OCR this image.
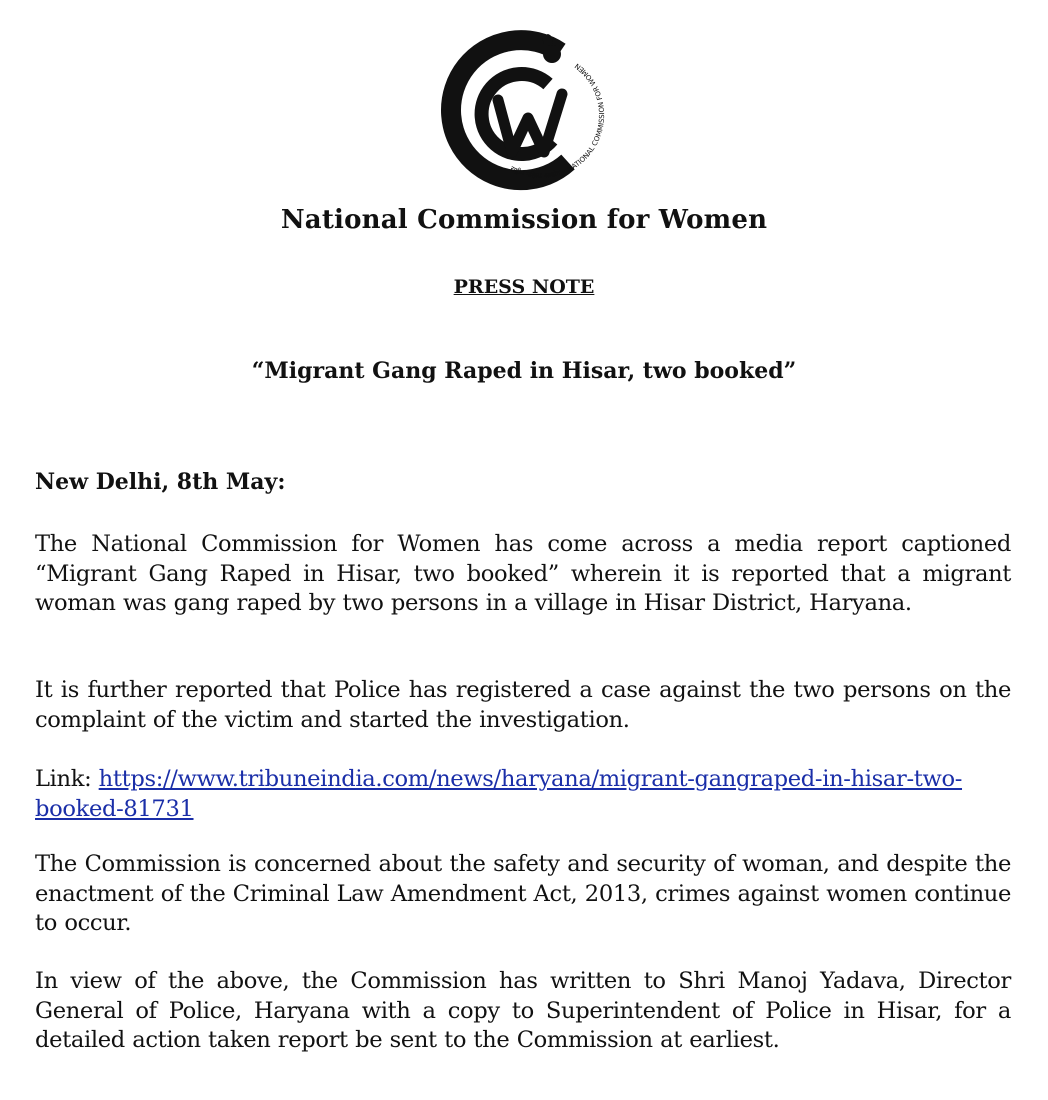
राष्ट्रीय महिला आयोग • NATIONAL COMMISSION FOR WOMEN
National Commission for Women
PRESS NOTE
“Migrant Gang Raped in Hisar, two booked”
New Delhi, 8th May:
The National Commission for Women has come across a media report captioned “Migrant Gang Raped in Hisar, two booked” wherein it is reported that a migrant woman was gang raped by two persons in a village in Hisar District, Haryana.
It is further reported that Police has registered a case against the two persons on the complaint of the victim and started the investigation.
Link: https://www.tribuneindia.com/news/haryana/migrant-gangraped-in-hisar-two-booked-81731
The Commission is concerned about the safety and security of woman, and despite the enactment of the Criminal Law Amendment Act, 2013, crimes against women continue to occur.
In view of the above, the Commission has written to Shri Manoj Yadava, Director General of Police, Haryana with a copy to Superintendent of Police in Hisar, for a detailed action taken report be sent to the Commission at earliest.
